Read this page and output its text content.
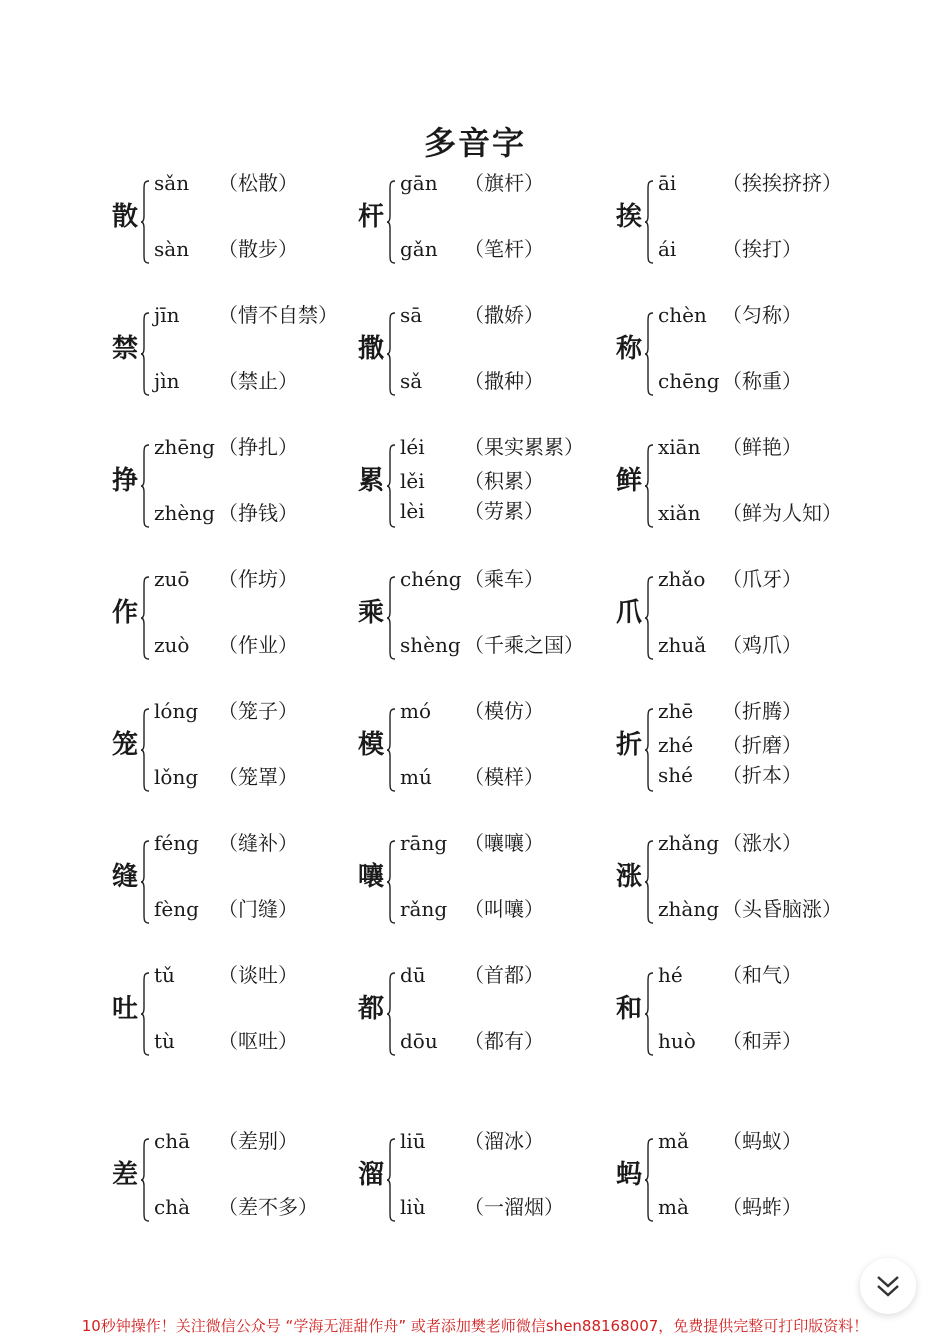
多音字
散
sǎn （松散）
sàn （散步）
杆
gān （旗杆）
gǎn （笔杆）
挨
āi （挨挨挤挤）
ái （挨打）
禁
jīn （情不自禁）
jìn （禁止）
撒
sā （撒娇）
sǎ （撒种）
称
chèn （匀称）
chēng （称重）
挣
zhēng （挣扎）
zhèng （挣钱）
累
léi （果实累累）
lěi （积累）
lèi （劳累）
鲜
xiān （鲜艳）
xiǎn （鲜为人知）
作
zuō （作坊）
zuò （作业）
乘
chéng （乘车）
shèng （千乘之国）
爪
zhǎo （爪牙）
zhuǎ （鸡爪）
笼
lóng （笼子）
lǒng （笼罩）
模
mó （模仿）
mú （模样）
折
zhē （折腾）
zhé （折磨）
shé （折本）
缝
féng （缝补）
fèng （门缝）
嚷
rāng （嚷嚷）
rǎng （叫嚷）
涨
zhǎng （涨水）
zhàng （头昏脑涨）
吐
tǔ （谈吐）
tù （呕吐）
都
dū （首都）
dōu （都有）
和
hé （和气）
huò （和弄）
差
chā （差别）
chà （差不多）
溜
liū （溜冰）
liù （一溜烟）
蚂
mǎ （蚂蚁）
mà （蚂蚱）
10秒钟操作！关注微信公众号 “学海无涯甜作舟” 或者添加樊老师微信shen88168007，免费提供完整可打印版资料！
